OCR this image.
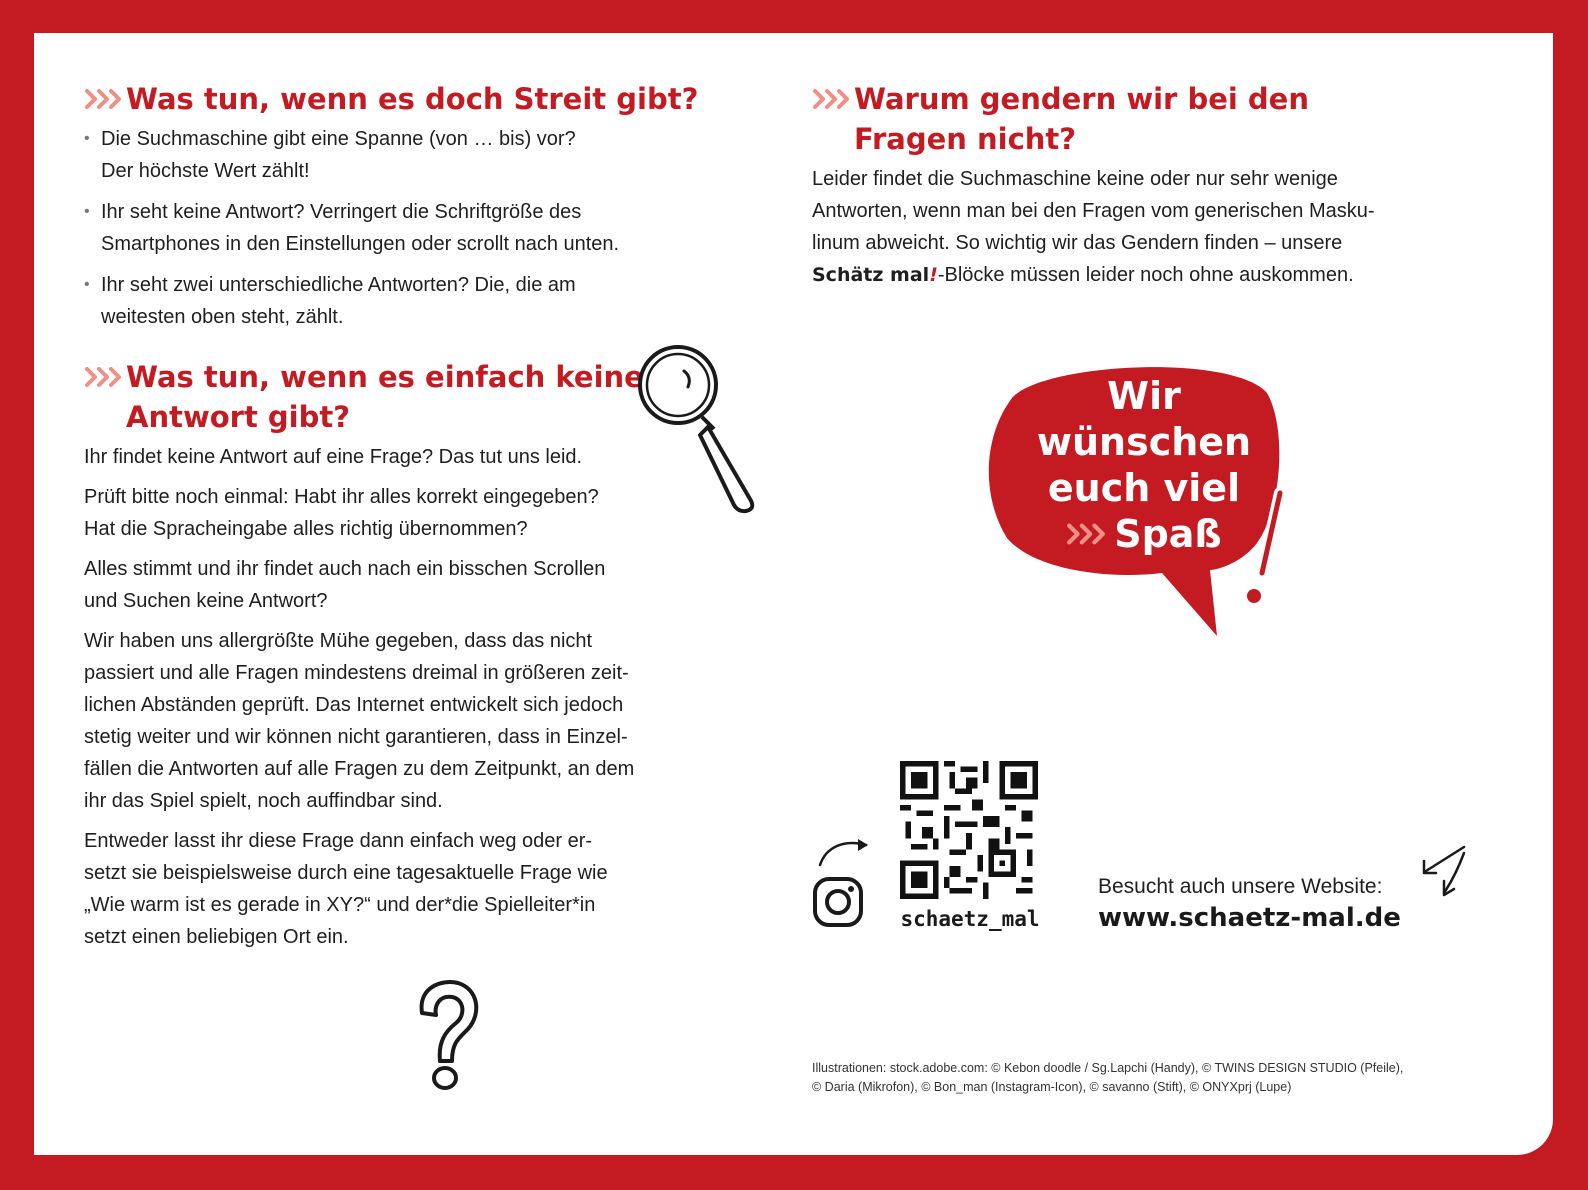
Was tun, wenn es doch Streit gibt?
• Die Suchmaschine gibt eine Spanne (von … bis) vor?
Der höchste Wert zählt!
• Ihr seht keine Antwort? Verringert die Schriftgröße des
Smartphones in den Einstellungen oder scrollt nach unten.
• Ihr seht zwei unterschiedliche Antworten? Die, die am
weitesten oben steht, zählt.
Was tun, wenn es einfach keine
Antwort gibt?

Ihr findet keine Antwort auf eine Frage? Das tut uns leid.

Prüft bitte noch einmal: Habt ihr alles korrekt eingegeben?
Hat die Spracheingabe alles richtig übernommen?

Alles stimmt und ihr findet auch nach ein bisschen Scrollen
und Suchen keine Antwort?

Wir haben uns allergrößte Mühe gegeben, dass das nicht
passiert und alle Fragen mindestens dreimal in größeren zeit-
lichen Abständen geprüft. Das Internet entwickelt sich jedoch
stetig weiter und wir können nicht garantieren, dass in Einzel-
fällen die Antworten auf alle Fragen zu dem Zeitpunkt, an dem
ihr das Spiel spielt, noch auffindbar sind.

Entweder lasst ihr diese Frage dann einfach weg oder er-
setzt sie beispielsweise durch eine tagesaktuelle Frage wie
„Wie warm ist es gerade in XY?“ und der*die Spielleiter*in
setzt einen beliebigen Ort ein.

Warum gendern wir bei den
Fragen nicht?

Leider findet die Suchmaschine keine oder nur sehr wenige
Antworten, wenn man bei den Fragen vom generischen Masku-
linum abweicht. So wichtig wir das Gendern finden – unsere
Schätz mal!-Blöcke müssen leider noch ohne auskommen.

Wir
wünschen
euch viel
Spaß
schaetz_mal
Besucht auch unsere Website:
www.schaetz-mal.de
Illustrationen: stock.adobe.com: © Kebon doodle / Sg.Lapchi (Handy), © TWINS DESIGN STUDIO (Pfeile),
© Daria (Mikrofon), © Bon_man (Instagram-Icon), © savanno (Stift), © ONYXprj (Lupe)
